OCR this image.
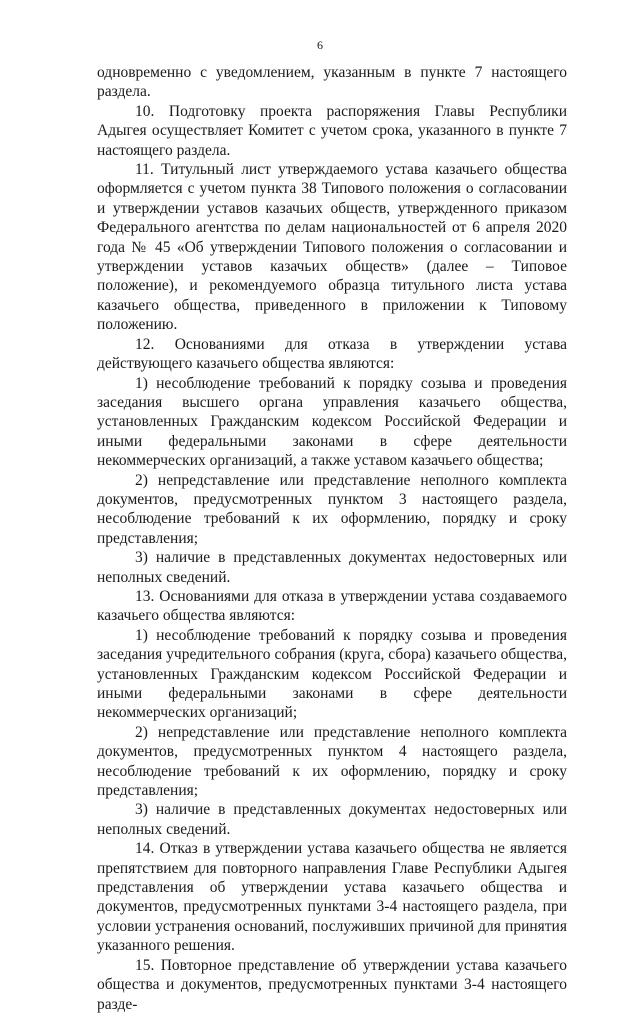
6

одновременно с уведомлением, указанным в пункте 7 настоящего раздела.

10. Подготовку проекта распоряжения Главы Республики Адыгея осуществляет Комитет с учетом срока, указанного в пункте 7 настоящего раздела.

11. Титульный лист утверждаемого устава казачьего общества оформляется с учетом пункта 38 Типового положения о согласовании и утверждении уставов казачьих обществ, утвержденного приказом Федерального агентства по делам национальностей от 6 апреля 2020 года № 45 «Об утверждении Типового положения о согласовании и утверждении уставов казачьих обществ» (далее – Типовое положение), и рекомендуемого образца титульного листа устава казачьего общества, приведенного в приложении к Типовому положению.

12. Основаниями для отказа в утверждении устава действующего казачьего общества являются:

1) несоблюдение требований к порядку созыва и проведения заседания высшего органа управления казачьего общества, установленных Гражданским кодексом Российской Федерации и иными федеральными законами в сфере деятельности некоммерческих организаций, а также уставом казачьего общества;

2) непредставление или представление неполного комплекта документов, предусмотренных пунктом 3 настоящего раздела, несоблюдение требований к их оформлению, порядку и сроку представления;

3) наличие в представленных документах недостоверных или неполных сведений.

13. Основаниями для отказа в утверждении устава создаваемого казачьего общества являются:

1) несоблюдение требований к порядку созыва и проведения заседания учредительного собрания (круга, сбора) казачьего общества, установленных Гражданским кодексом Российской Федерации и иными федеральными законами в сфере деятельности некоммерческих организаций;

2) непредставление или представление неполного комплекта документов, предусмотренных пунктом 4 настоящего раздела, несоблюдение требований к их оформлению, порядку и сроку представления;

3) наличие в представленных документах недостоверных или неполных сведений.

14. Отказ в утверждении устава казачьего общества не является препятствием для повторного направления Главе Республики Адыгея представления об утверждении устава казачьего общества и документов, предусмотренных пунктами 3-4 настоящего раздела, при условии устранения оснований, послуживших причиной для принятия указанного решения.

15. Повторное представление об утверждении устава казачьего общества и документов, предусмотренных пунктами 3-4 настоящего разде-
